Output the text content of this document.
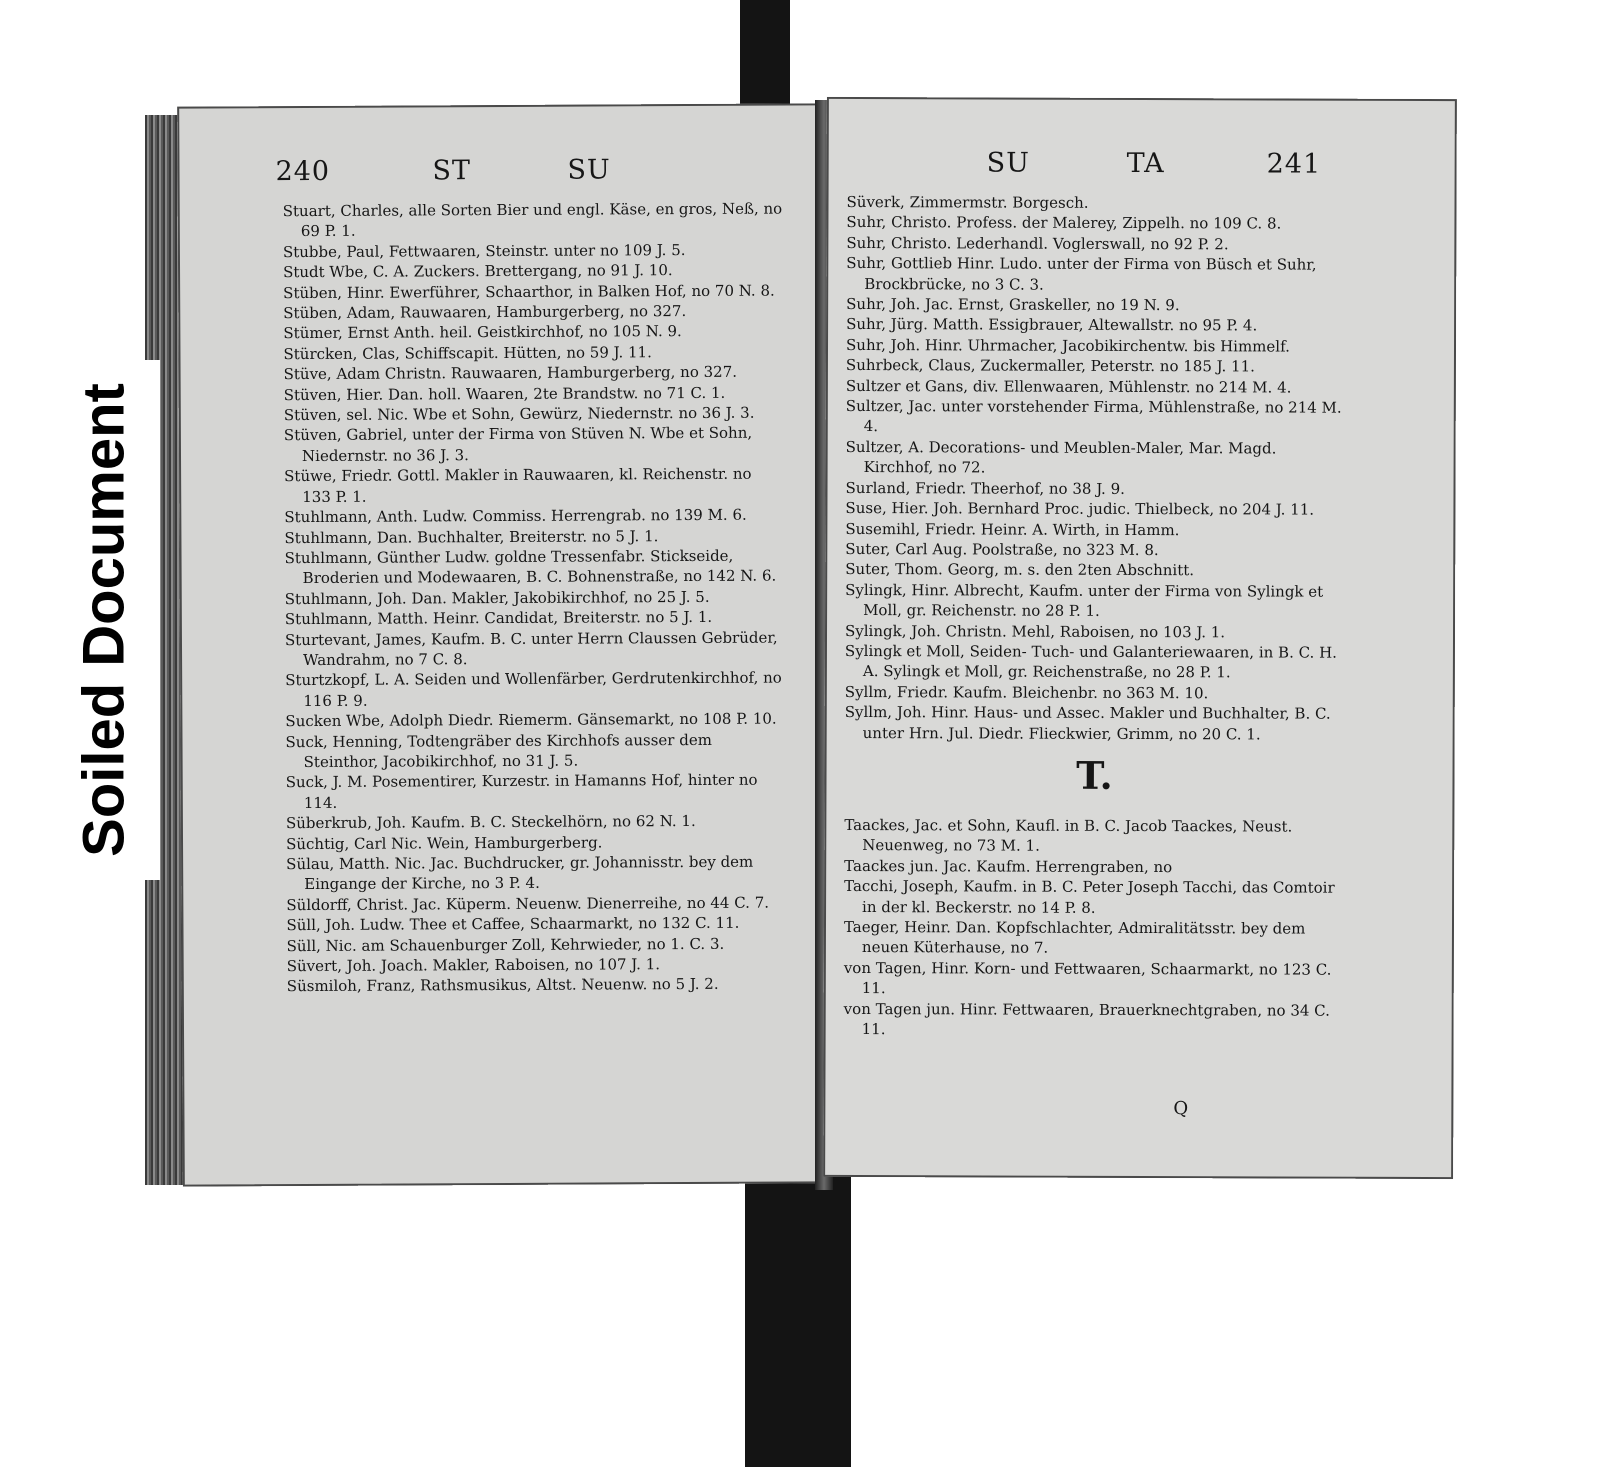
240	ST	SU

Stuart, Charles, alle Sorten Bier und engl. Käse, en gros, Neß, no 69 P. 1.

Stubbe, Paul, Fettwaaren, Steinstr. unter no 109 J. 5.

Studt Wbe, C. A. Zuckers. Brettergang, no 91 J. 10.

Stüben, Hinr. Ewerführer, Schaarthor, in Balken Hof, no 70 N. 8.

Stüben, Adam, Rauwaaren, Hamburgerberg, no 327.

Stümer, Ernst Anth. heil. Geistkirchhof, no 105 N. 9.

Stürcken, Clas, Schiffscapit. Hütten, no 59 J. 11.

Stüve, Adam Christn. Rauwaaren, Hamburgerberg, no 327.

Stüven, Hier. Dan. holl. Waaren, 2te Brandstw. no 71 C. 1.

Stüven, sel. Nic. Wbe et Sohn, Gewürz, Niedernstr. no 36 J. 3.

Stüven, Gabriel, unter der Firma von Stüven N. Wbe et Sohn, Niedernstr. no 36 J. 3.

Stüwe, Friedr. Gottl. Makler in Rauwaaren, kl. Reichenstr. no 133 P. 1.

Stuhlmann, Anth. Ludw. Commiss. Herrengrab. no 139 M. 6.

Stuhlmann, Dan. Buchhalter, Breiterstr. no 5 J. 1.

Stuhlmann, Günther Ludw. goldne Tressenfabr. Stickseide, Broderien und Modewaaren, B. C. Bohnenstraße, no 142 N. 6.

Stuhlmann, Joh. Dan. Makler, Jakobikirchhof, no 25 J. 5.

Stuhlmann, Matth. Heinr. Candidat, Breiterstr. no 5 J. 1.

Sturtevant, James, Kaufm. B. C. unter Herrn Claussen Gebrüder, Wandrahm, no 7 C. 8.

Sturtzkopf, L. A. Seiden und Wollenfärber, Gerdrutenkirchhof, no 116 P. 9.

Sucken Wbe, Adolph Diedr. Riemerm. Gänsemarkt, no 108 P. 10.

Suck, Henning, Todtengräber des Kirchhofs ausser dem Steinthor, Jacobikirchhof, no 31 J. 5.

Suck, J. M. Posementirer, Kurzestr. in Hamanns Hof, hinter no 114.

Süberkrub, Joh. Kaufm. B. C. Steckelhörn, no 62 N. 1.

Süchtig, Carl Nic. Wein, Hamburgerberg.

Sülau, Matth. Nic. Jac. Buchdrucker, gr. Johannisstr. bey dem Eingange der Kirche, no 3 P. 4.

Süldorff, Christ. Jac. Küperm. Neuenw. Dienerreihe, no 44 C. 7.

Süll, Joh. Ludw. Thee et Caffee, Schaarmarkt, no 132 C. 11.

Süll, Nic. am Schauenburger Zoll, Kehrwieder, no 1. C. 3.

Süvert, Joh. Joach. Makler, Raboisen, no 107 J. 1.

Süsmiloh, Franz, Rathsmusikus, Altst. Neuenw. no 5 J. 2.

SU	TA	241

Süverk, Zimmermstr. Borgesch.

Suhr, Christo. Profess. der Malerey, Zippelh. no 109 C. 8.

Suhr, Christo. Lederhandl. Voglerswall, no 92 P. 2.

Suhr, Gottlieb Hinr. Ludo. unter der Firma von Büsch et Suhr, Brockbrücke, no 3 C. 3.

Suhr, Joh. Jac. Ernst, Graskeller, no 19 N. 9.

Suhr, Jürg. Matth. Essigbrauer, Altewallstr. no 95 P. 4.

Suhr, Joh. Hinr. Uhrmacher, Jacobikirchentw. bis Himmelf.

Suhrbeck, Claus, Zuckermaller, Peterstr. no 185 J. 11.

Sultzer et Gans, div. Ellenwaaren, Mühlenstr. no 214 M. 4.

Sultzer, Jac. unter vorstehender Firma, Mühlenstraße, no 214 M. 4.

Sultzer, A. Decorations- und Meublen-Maler, Mar. Magd. Kirchhof, no 72.

Surland, Friedr. Theerhof, no 38 J. 9.

Suse, Hier. Joh. Bernhard Proc. judic. Thielbeck, no 204 J. 11.

Susemihl, Friedr. Heinr. A. Wirth, in Hamm.

Suter, Carl Aug. Poolstraße, no 323 M. 8.

Suter, Thom. Georg, m. s. den 2ten Abschnitt.

Sylingk, Hinr. Albrecht, Kaufm. unter der Firma von Sylingk et Moll, gr. Reichenstr. no 28 P. 1.

Sylingk, Joh. Christn. Mehl, Raboisen, no 103 J. 1.

Sylingk et Moll, Seiden- Tuch- und Galanteriewaaren, in B. C. H. A. Sylingk et Moll, gr. Reichenstraße, no 28 P. 1.

Syllm, Friedr. Kaufm. Bleichenbr. no 363 M. 10.

Syllm, Joh. Hinr. Haus- und Assec. Makler und Buchhalter, B. C. unter Hrn. Jul. Diedr. Flieckwier, Grimm, no 20 C. 1.

T.

Taackes, Jac. et Sohn, Kaufl. in B. C. Jacob Taackes, Neust. Neuenweg, no 73 M. 1.

Taackes jun. Jac. Kaufm. Herrengraben, no

Tacchi, Joseph, Kaufm. in B. C. Peter Joseph Tacchi, das Comtoir in der kl. Beckerstr. no 14 P. 8.

Taeger, Heinr. Dan. Kopfschlachter, Admiralitätsstr. bey dem neuen Küterhause, no 7.

von Tagen, Hinr. Korn- und Fettwaaren, Schaarmarkt, no 123 C. 11.

von Tagen jun. Hinr. Fettwaaren, Brauerknechtgraben, no 34 C. 11.

Q
Soiled Document
